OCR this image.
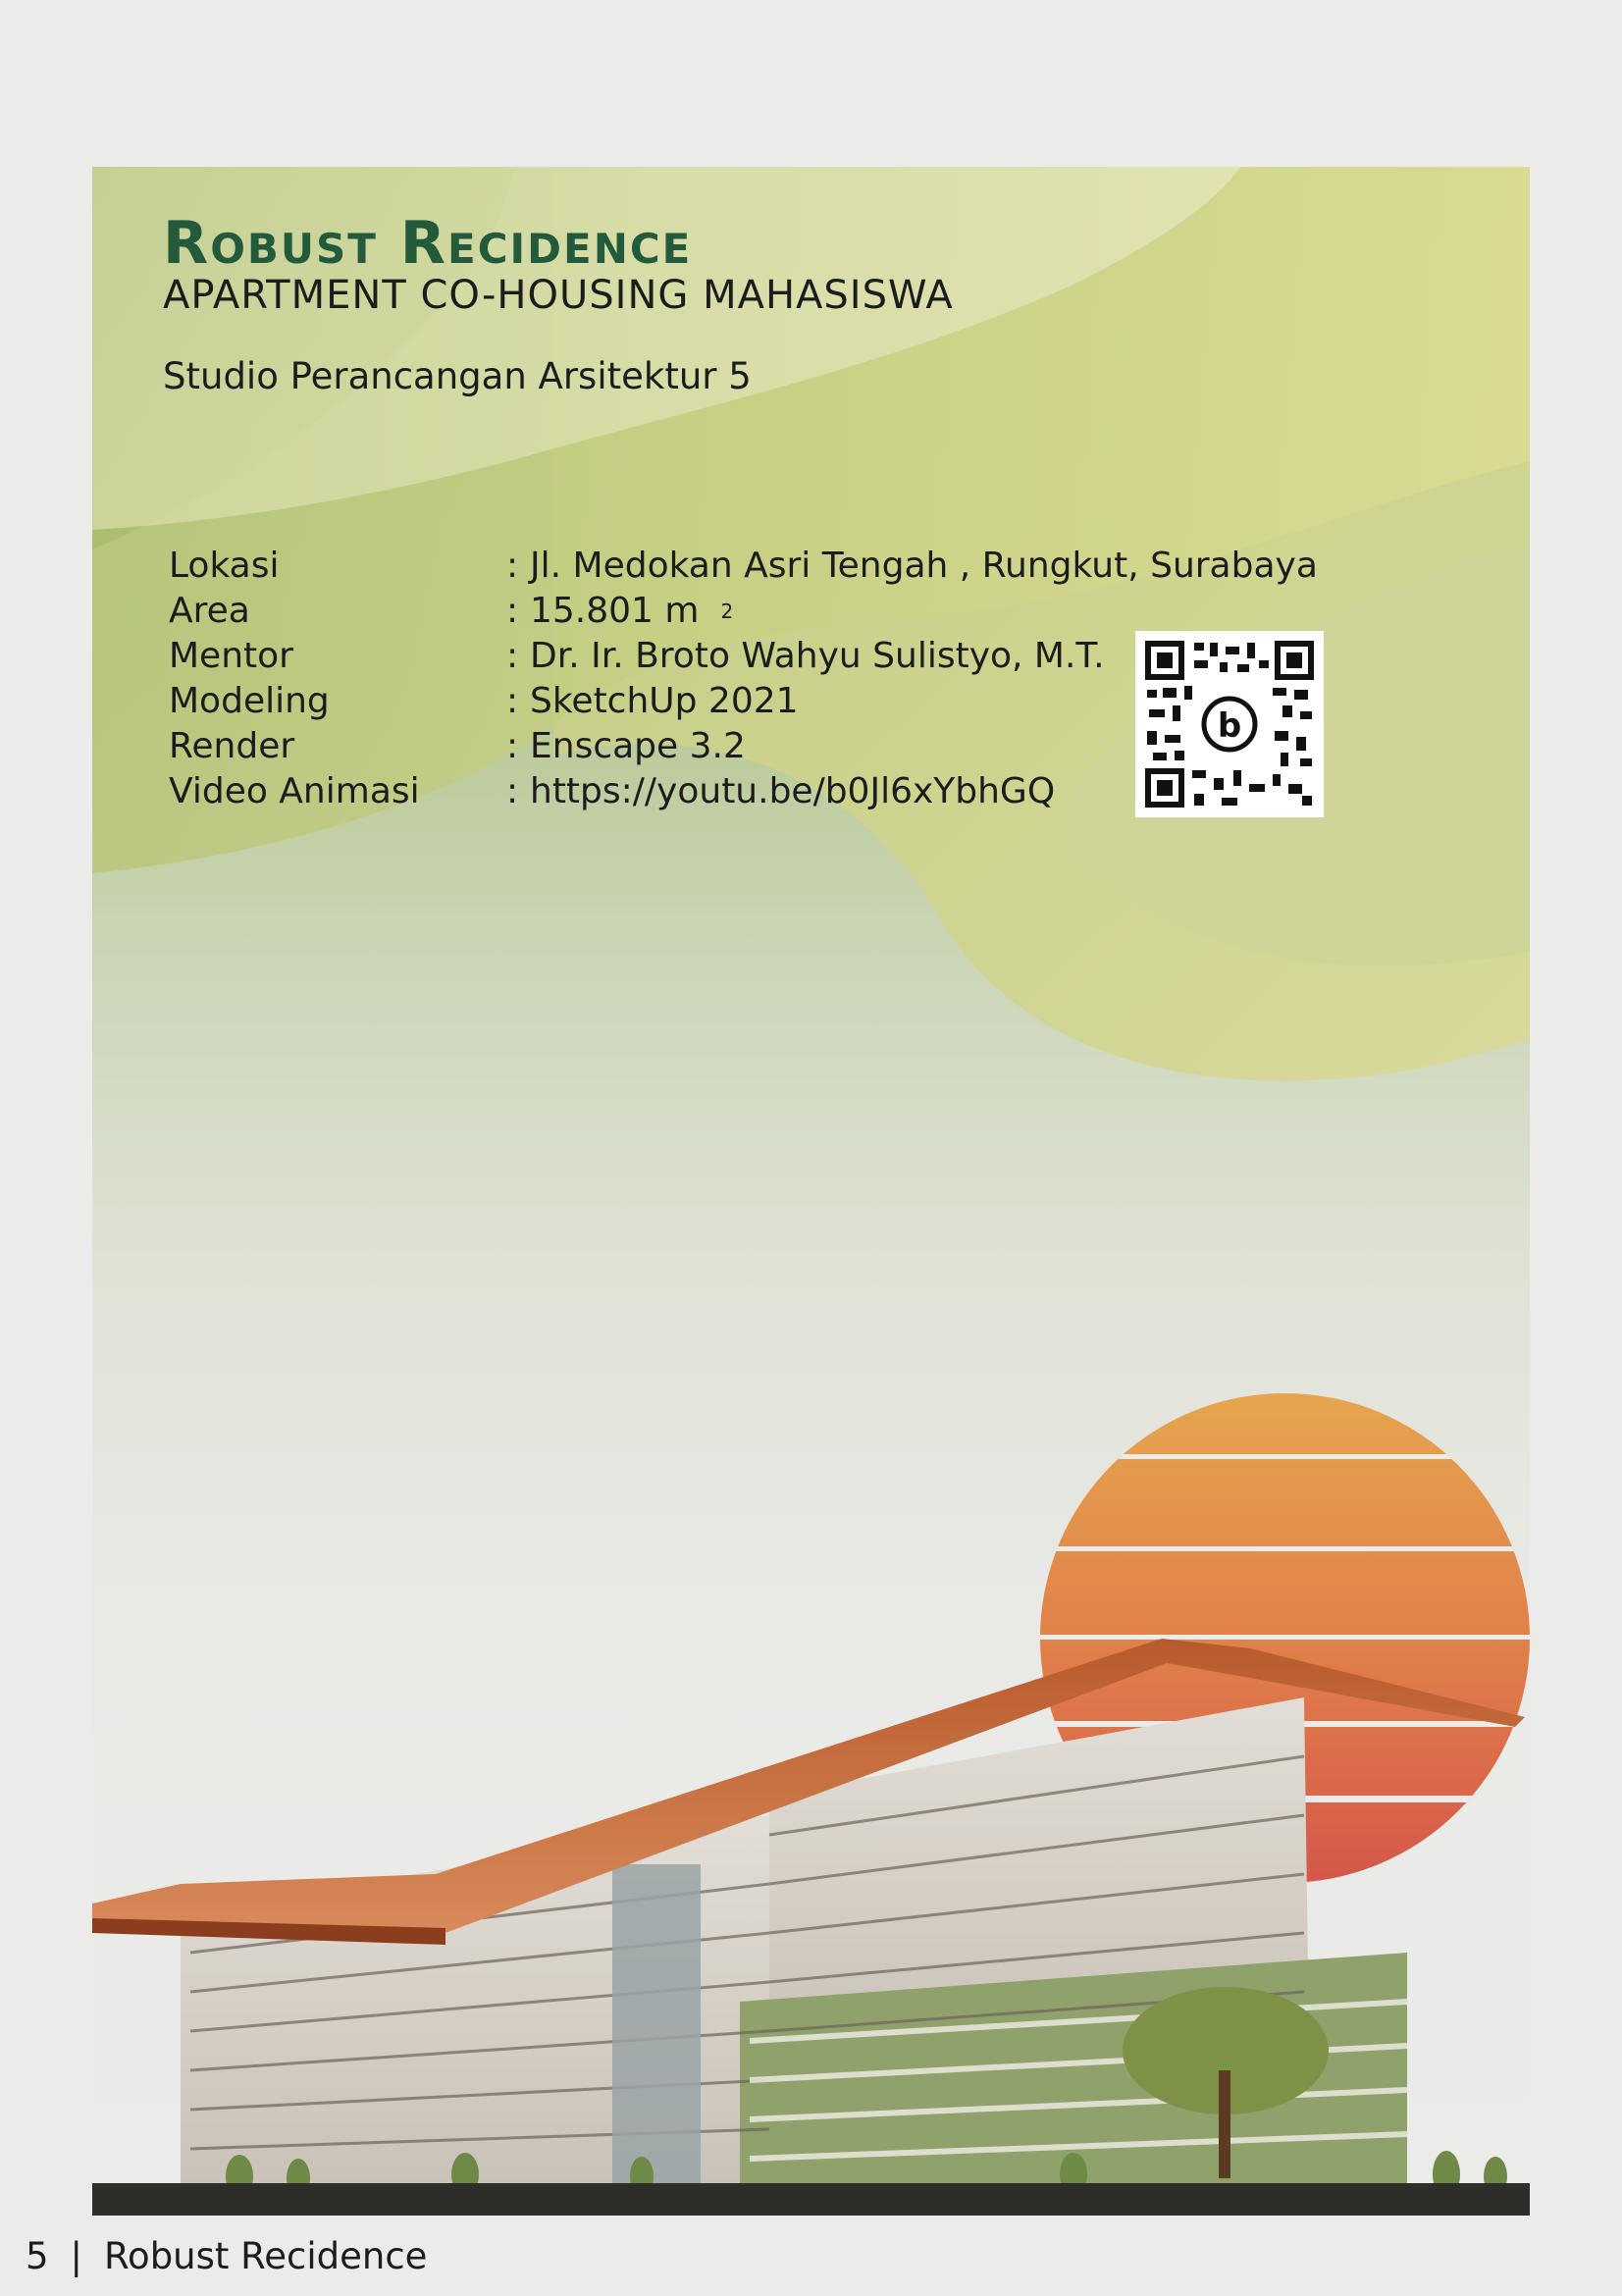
Robust Recidence
APARTMENT CO-HOUSING MAHASISWA
Studio Perancangan Arsitektur 5
Lokasi	: Jl. Medokan Asri Tengah , Rungkut, Surabaya
Area	: 15.801 m 2
Mentor	: Dr. Ir. Broto Wahyu Sulistyo, M.T.
Modeling	: SketchUp 2021
Render	: Enscape 3.2
Video Animasi	: https://youtu.be/b0Jl6xYbhGQ
b
5 | Robust Recidence
